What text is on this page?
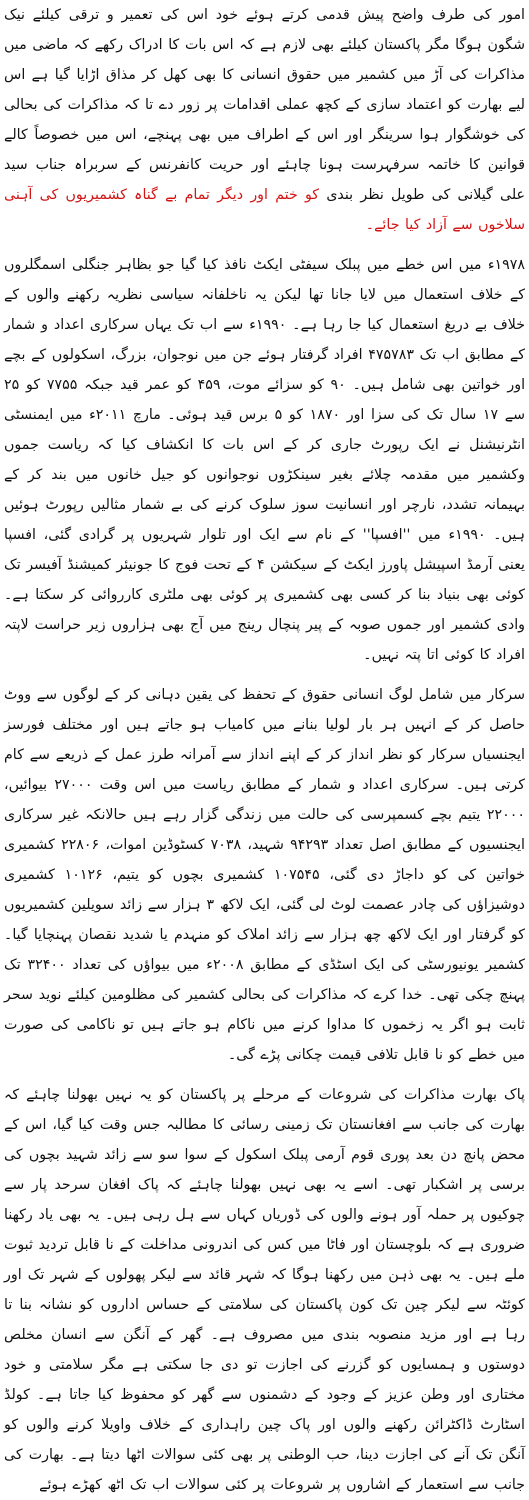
امور کی طرف واضح پیش قدمی کرتے ہوئے خود اس کی تعمیر و ترقی کیلئے نیک شگون ہوگا مگر پاکستان کیلئے بھی لازم ہے کہ اس بات کا ادراک رکھے کہ ماضی میں مذاکرات کی آڑ میں کشمیر میں حقوق انسانی کا بھی کھل کر مذاق اڑایا گیا ہے اس لیے بھارت کو اعتماد سازی کے کچھ عملی اقدامات پر زور دے تا کہ مذاکرات کی بحالی کی خوشگوار ہوا سرینگر اور اس کے اطراف میں بھی پہنچے، اس میں خصوصاً کالے قوانین کا خاتمہ سرفہرست ہونا چاہئے اور حریت کانفرنس کے سربراہ جناب سید علی گیلانی کی طویل نظر بندی کو ختم اور دیگر تمام بے گناہ کشمیریوں کی آہنی سلاخوں سے آزاد کیا جائے۔

۱۹۷۸ء میں اس خطے میں پبلک سیفٹی ایکٹ نافذ کیا گیا جو بظاہر جنگلی اسمگلروں کے خلاف استعمال میں لایا جانا تھا لیکن یہ ناخلفانہ سیاسی نظریہ رکھنے والوں کے خلاف بے دریغ استعمال کیا جا رہا ہے۔ ۱۹۹۰ء سے اب تک یہاں سرکاری اعداد و شمار کے مطابق اب تک ۴۷۵۷۸۳ افراد گرفتار ہوئے جن میں نوجوان، بزرگ، اسکولوں کے بچے اور خواتین بھی شامل ہیں۔ ۹۰ کو سزائے موت، ۴۵۹ کو عمر قید جبکہ ۷۷۵۵ کو ۲۵ سے ۱۷ سال تک کی سزا اور ۱۸۷۰ کو ۵ برس قید ہوئی۔ مارچ ۲۰۱۱ء میں ایمنسٹی انٹرنیشنل نے ایک رپورٹ جاری کر کے اس بات کا انکشاف کیا کہ ریاست جموں وکشمیر میں مقدمہ چلائے بغیر سینکڑوں نوجوانوں کو جیل خانوں میں بند کر کے بہیمانہ تشدد، نارچر اور انسانیت سوز سلوک کرنے کی بے شمار مثالیں رپورٹ ہوئیں ہیں۔ ۱۹۹۰ء میں ''افسپا'' کے نام سے ایک اور تلوار شہریوں پر گرادی گئی، افسپا یعنی آرمڈ اسپیشل پاورز ایکٹ کے سیکشن ۴ کے تحت فوج کا جونیئر کمیشنڈ آفیسر تک کوئی بھی بنیاد بنا کر کسی بھی کشمیری پر کوئی بھی ملٹری کارروائی کر سکتا ہے۔ وادی کشمیر اور جموں صوبہ کے پیر پنچال رینج میں آج بھی ہزاروں زیر حراست لاپتہ افراد کا کوئی اتا پتہ نہیں۔

سرکار میں شامل لوگ انسانی حقوق کے تحفظ کی یقین دہانی کر کے لوگوں سے ووٹ حاصل کر کے انہیں ہر بار لولیا بنانے میں کامیاب ہو جاتے ہیں اور مختلف فورسز ایجنسیاں سرکار کو نظر انداز کر کے اپنے انداز سے آمرانہ طرز عمل کے ذریعے سے کام کرتی ہیں۔ سرکاری اعداد و شمار کے مطابق ریاست میں اس وقت ۲۷۰۰۰ بیوائیں، ۲۲۰۰۰ یتیم بچے کسمپرسی کی حالت میں زندگی گزار رہے ہیں حالانکہ غیر سرکاری ایجنسیوں کے مطابق اصل تعداد ۹۴۲۹۳ شہید، ۷۰۳۸ کسٹوڈین اموات، ۲۲۸۰۶ کشمیری خواتین کی کو داجاڑ دی گئی، ۱۰۷۵۴۵ کشمیری بچوں کو یتیم، ۱۰۱۲۶ کشمیری دوشیزاؤں کی چادر عصمت لوٹ لی گئی، ایک لاکھ ۳ ہزار سے زائد سویلین کشمیریوں کو گرفتار اور ایک لاکھ چھ ہزار سے زائد املاک کو منہدم یا شدید نقصان پہنچایا گیا۔ کشمیر یونیورسٹی کی ایک اسٹڈی کے مطابق ۲۰۰۸ء میں بیواؤں کی تعداد ۳۲۴۰۰ تک پہنچ چکی تھی۔ خدا کرے کہ مذاکرات کی بحالی کشمیر کی مظلومین کیلئے نوید سحر ثابت ہو اگر یہ زخموں کا مداوا کرنے میں ناکام ہو جاتے ہیں تو ناکامی کی صورت میں خطے کو نا قابل تلافی قیمت چکانی پڑے گی۔

پاک بھارت مذاکرات کی شروعات کے مرحلے پر پاکستان کو یہ نہیں بھولنا چاہئے کہ بھارت کی جانب سے افغانستان تک زمینی رسائی کا مطالبہ جس وقت کیا گیا، اس کے محض پانچ دن بعد پوری قوم آرمی پبلک اسکول کے سوا سو سے زائد شہید بچوں کی برسی پر اشکبار تھی۔ اسے یہ بھی نہیں بھولنا چاہئے کہ پاک افغان سرحد پار سے چوکیوں پر حملہ آور ہونے والوں کی ڈوریاں کہاں سے ہل رہی ہیں۔ یہ بھی یاد رکھنا ضروری ہے کہ بلوچستان اور فاٹا میں کس کی اندرونی مداخلت کے نا قابل تردید ثبوت ملے ہیں۔ یہ بھی ذہن میں رکھنا ہوگا کہ شہر قائد سے لیکر پھولوں کے شہر تک اور کوئٹہ سے لیکر چین تک کون پاکستان کی سلامتی کے حساس اداروں کو نشانہ بنا تا رہا ہے اور مزید منصوبہ بندی میں مصروف ہے۔ گھر کے آنگن سے انسان مخلص دوستوں و ہمسایوں کو گزرنے کی اجازت تو دی جا سکتی ہے مگر سلامتی و خود مختاری اور وطن عزیز کے وجود کے دشمنوں سے گھر کو محفوظ کیا جاتا ہے۔ کولڈ اسٹارٹ ڈاکٹرائن رکھنے والوں اور پاک چین راہداری کے خلاف واویلا کرنے والوں کو آنگن تک آنے کی اجازت دینا، حب الوطنی پر بھی کئی سوالات اٹھا دیتا ہے۔ بھارت کی جانب سے استعمار کے اشاروں پر شروعات پر کئی سوالات اب تک اٹھ کھڑے ہوئے
